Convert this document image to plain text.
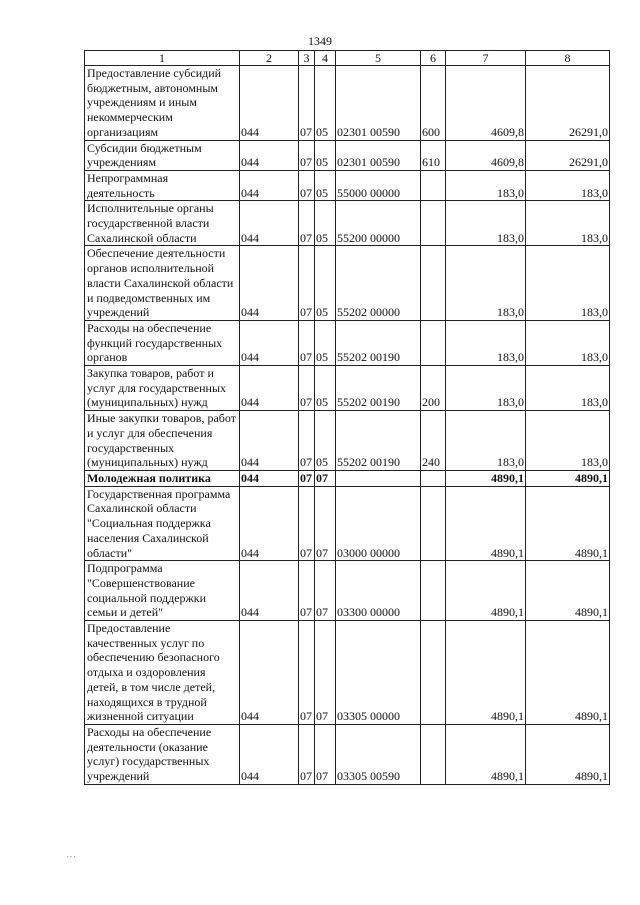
1349
1	2	3	4	5	6	7	8
Предоставление субсидий бюджетным, автономным учреждениям и иным некоммерческим организациям	044	07	05	02301 00590	600	4609,8	26291,0
Субсидии бюджетным учреждениям	044	07	05	02301 00590	610	4609,8	26291,0
Непрограммная деятельность	044	07	05	55000 00000		183,0	183,0
Исполнительные органы государственной власти Сахалинской области	044	07	05	55200 00000		183,0	183,0
Обеспечение деятельности органов исполнительной власти Сахалинской области и подведомственных им учреждений	044	07	05	55202 00000		183,0	183,0
Расходы на обеспечение функций государственных органов	044	07	05	55202 00190		183,0	183,0
Закупка товаров, работ и услуг для государственных (муниципальных) нужд	044	07	05	55202 00190	200	183,0	183,0
Иные закупки товаров, работ и услуг для обеспечения государственных (муниципальных) нужд	044	07	05	55202 00190	240	183,0	183,0
Молодежная политика	044	07	07			4890,1	4890,1
Государственная программа Сахалинской области "Социальная поддержка населения Сахалинской области"	044	07	07	03000 00000		4890,1	4890,1
Подпрограмма "Совершенствование социальной поддержки семьи и детей"	044	07	07	03300 00000		4890,1	4890,1
Предоставление качественных услуг по обеспечению безопасного отдыха и оздоровления детей, в том числе детей, находящихся в трудной жизненной ситуации	044	07	07	03305 00000		4890,1	4890,1
Расходы на обеспечение деятельности (оказание услуг) государственных учреждений	044	07	07	03305 00590		4890,1	4890,1
⋅⋅⋅
